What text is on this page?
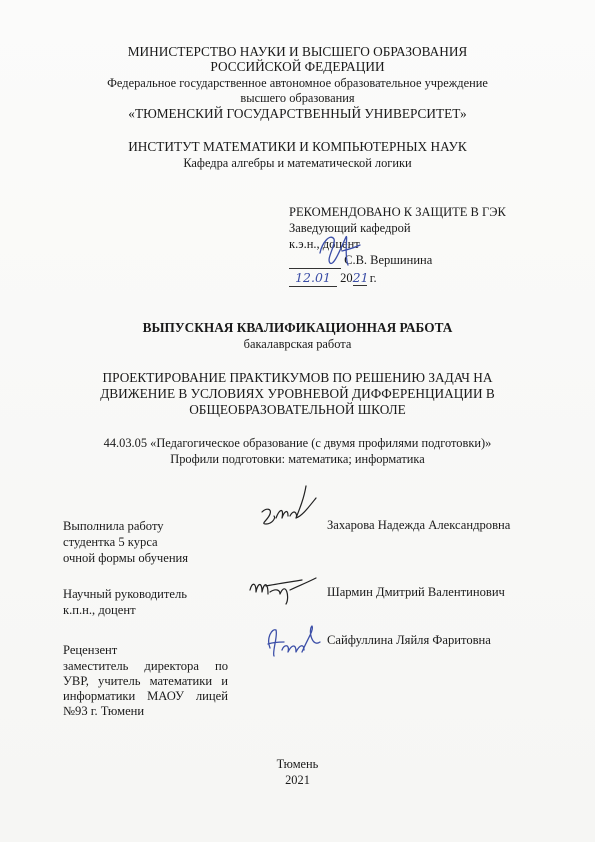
МИНИСТЕРСТВО НАУКИ И ВЫСШЕГО ОБРАЗОВАНИЯ
РОССИЙСКОЙ ФЕДЕРАЦИИ
Федеральное государственное автономное образовательное учреждение
высшего образования
«ТЮМЕНСКИЙ ГОСУДАРСТВЕННЫЙ УНИВЕРСИТЕТ»
ИНСТИТУТ МАТЕМАТИКИ И КОМПЬЮТЕРНЫХ НАУК
Кафедра алгебры и математической логики
РЕКОМЕНДОВАНО К ЗАЩИТЕ В ГЭК
Заведующий кафедрой
к.э.н., доцент
С.В. Вершинина
12.01 2021 г.
ВЫПУСКНАЯ КВАЛИФИКАЦИОННАЯ РАБОТА
бакалаврская работа
ПРОЕКТИРОВАНИЕ ПРАКТИКУМОВ ПО РЕШЕНИЮ ЗАДАЧ НА
ДВИЖЕНИЕ В УСЛОВИЯХ УРОВНЕВОЙ ДИФФЕРЕНЦИАЦИИ В
ОБЩЕОБРАЗОВАТЕЛЬНОЙ ШКОЛЕ
44.03.05 «Педагогическое образование (с двумя профилями подготовки)»
Профили подготовки: математика; информатика
Выполнила работу
студентка 5 курса
очной формы обучения
Захарова Надежда Александровна
Научный руководитель
к.п.н., доцент
Шармин Дмитрий Валентинович
Рецензент
заместитель директора по УВР, учитель математики и информатики МАОУ лицей №93 г. Тюмени
Сайфуллина Ляйля Фаритовна
Тюмень
2021
